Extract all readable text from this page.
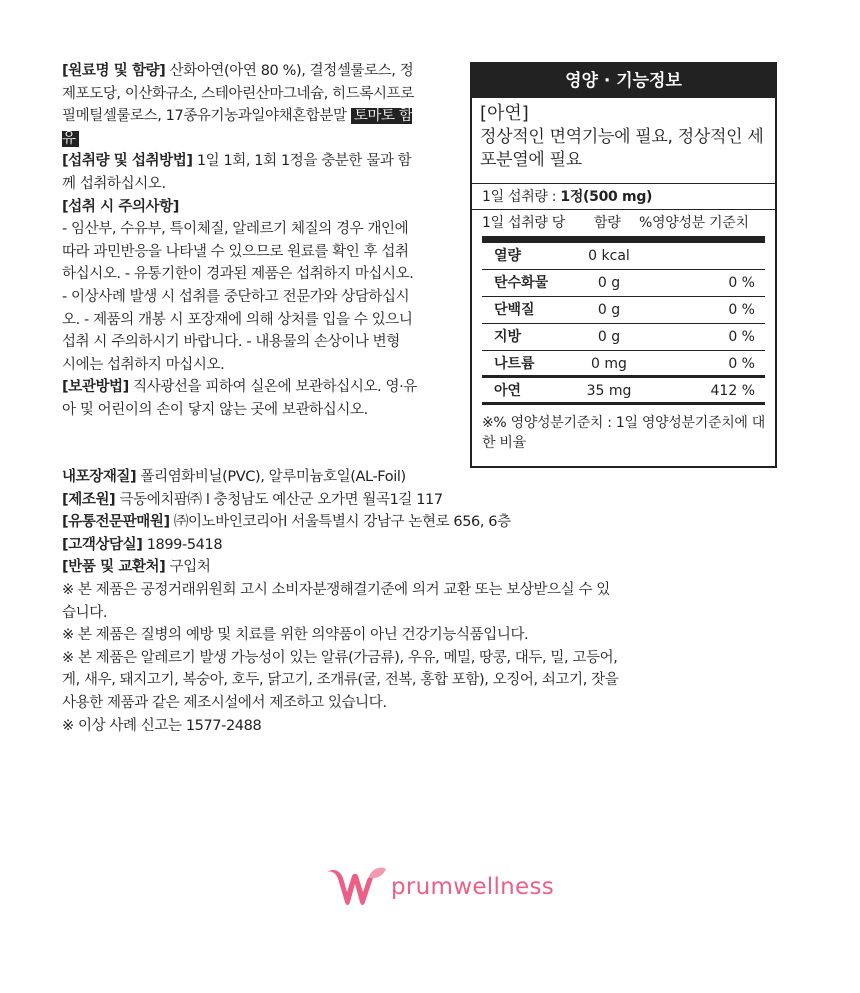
[원료명 및 함량] 산화아연(아연 80 %), 결정셀룰로스, 정제포도당, 이산화규소, 스테아린산마그네슘, 히드록시프로필메틸셀룰로스, 17종유기농과일야채혼합분말 토마토 함유
[섭취량 및 섭취방법] 1일 1회, 1회 1정을 충분한 물과 함께 섭취하십시오.
[섭취 시 주의사항]
- 임산부, 수유부, 특이체질, 알레르기 체질의 경우 개인에 따라 과민반응을 나타낼 수 있으므로 원료를 확인 후 섭취하십시오. - 유통기한이 경과된 제품은 섭취하지 마십시오. - 이상사례 발생 시 섭취를 중단하고 전문가와 상담하십시오. - 제품의 개봉 시 포장재에 의해 상처를 입을 수 있으니 섭취 시 주의하시기 바랍니다. - 내용물의 손상이나 변형 시에는 섭취하지 마십시오.
[보관방법] 직사광선을 피하여 실온에 보관하십시오. 영·유아 및 어린이의 손이 닿지 않는 곳에 보관하십시오.
내포장재질] 폴리염화비닐(PVC), 알루미늄호일(AL-Foil)
[제조원] 극동에치팜㈜ l 충청남도 예산군 오가면 월곡1길 117
[유통전문판매원] ㈜이노바인코리아l 서울특별시 강남구 논현로 656, 6층
[고객상담실] 1899-5418
[반품 및 교환처] 구입처
※ 본 제품은 공정거래위원회 고시 소비자분쟁해결기준에 의거 교환 또는 보상받으실 수 있습니다.
※ 본 제품은 질병의 예방 및 치료를 위한 의약품이 아닌 건강기능식품입니다.
※ 본 제품은 알레르기 발생 가능성이 있는 알류(가금류), 우유, 메밀, 땅콩, 대두, 밀, 고등어, 게, 새우, 돼지고기, 복숭아, 호두, 닭고기, 조개류(굴, 전복, 홍합 포함), 오징어, 쇠고기, 잣을 사용한 제품과 같은 제조시설에서 제조하고 있습니다.
※ 이상 사례 신고는 1577-2488
영양 · 기능정보
[아연]
정상적인 면역기능에 필요, 정상적인 세포분열에 필요
1일 섭취량 : 1정(500 mg)
1일 섭취량 당	함량	%영양성분 기준치
열량	0 kcal
탄수화물	0 g	0 %
단백질	0 g	0 %
지방	0 g	0 %
나트륨	0 mg	0 %
아연	35 mg	412 %
※% 영양성분기준치 : 1일 영양성분기준치에 대한 비율
prumwellness
